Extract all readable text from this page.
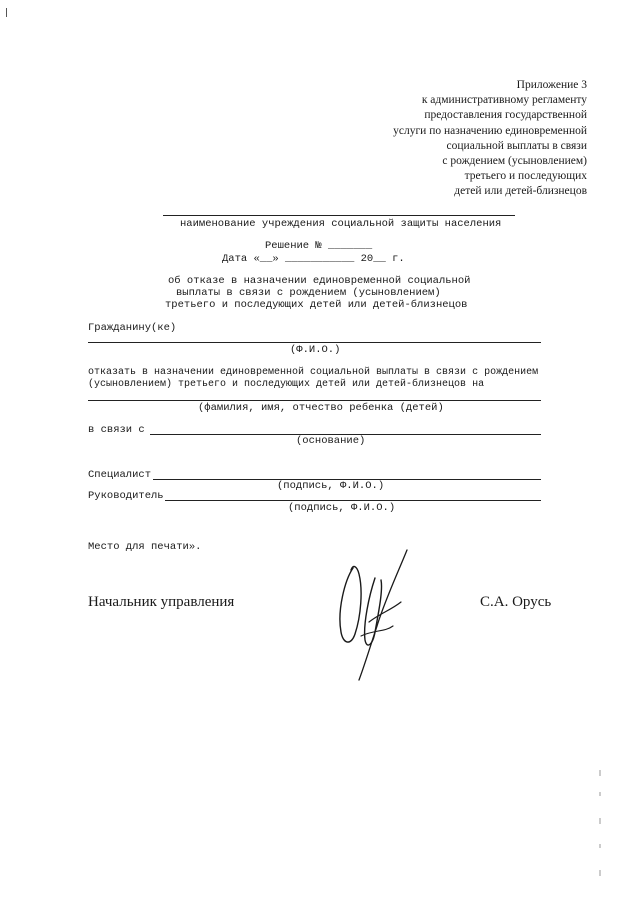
Приложение 3
к административному регламенту
предоставления государственной
услуги по назначению единовременной
социальной выплаты в связи
с рождением (усыновлением)
третьего и последующих
детей или детей-близнецов
наименование учреждения социальной защиты населения
Решение № _______
Дата «__» ___________ 20__ г.
об отказе в назначении единовременной социальной
выплаты в связи с рождением (усыновлением)
третьего и последующих детей или детей-близнецов
Гражданину(ке)
(Ф.И.О.)
отказать в назначении единовременной социальной выплаты в связи с рождением
(усыновлением) третьего и последующих детей или детей-близнецов на
(фамилия, имя, отчество ребенка (детей)
в связи с
(основание)
Специалист
(подпись, Ф.И.О.)
Руководитель
(подпись, Ф.И.О.)
Место для печати».
Начальник управления	С.А. Орусь
